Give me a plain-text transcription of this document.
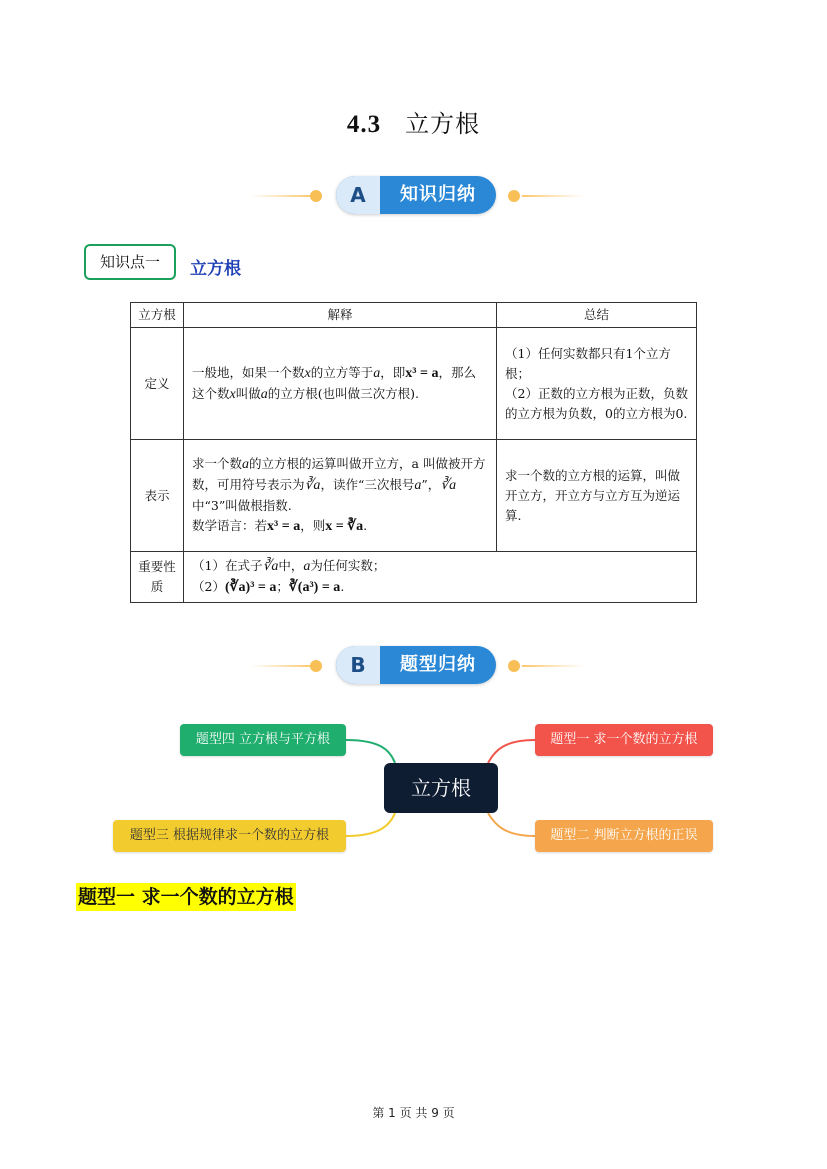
4.3 立方根
A	知识归纳
知识点一	立方根
立方根	解释	总结
定义	一般地，如果一个数x的立方等于a，即x³ = a，那么这个数x叫做a的立方根(也叫做三次方根).	（1）任何实数都只有1个立方根；
（2）正数的立方根为正数，负数的立方根为负数，0的立方根为0.

表示	求一个数a的立方根的运算叫做开立方，a 叫做被开方数，可用符号表示为∛a，读作“三次根号a”，∛a中“3”叫做根指数.
数学语言：若x³ = a，则x = ∛a.	求一个数的立方根的运算，叫做开立方，开立方与立方互为逆运算.
重要性质	（1）在式子∛a中，a为任何实数；
（2）(∛a)³ = a；∛(a³) = a.	
B	题型归纳
立方根
题型四 立方根与平方根	题型一 求一个数的立方根
题型三 根据规律求一个数的立方根	题型二 判断立方根的正误
题型一 求一个数的立方根
第 1 页 共 9 页
